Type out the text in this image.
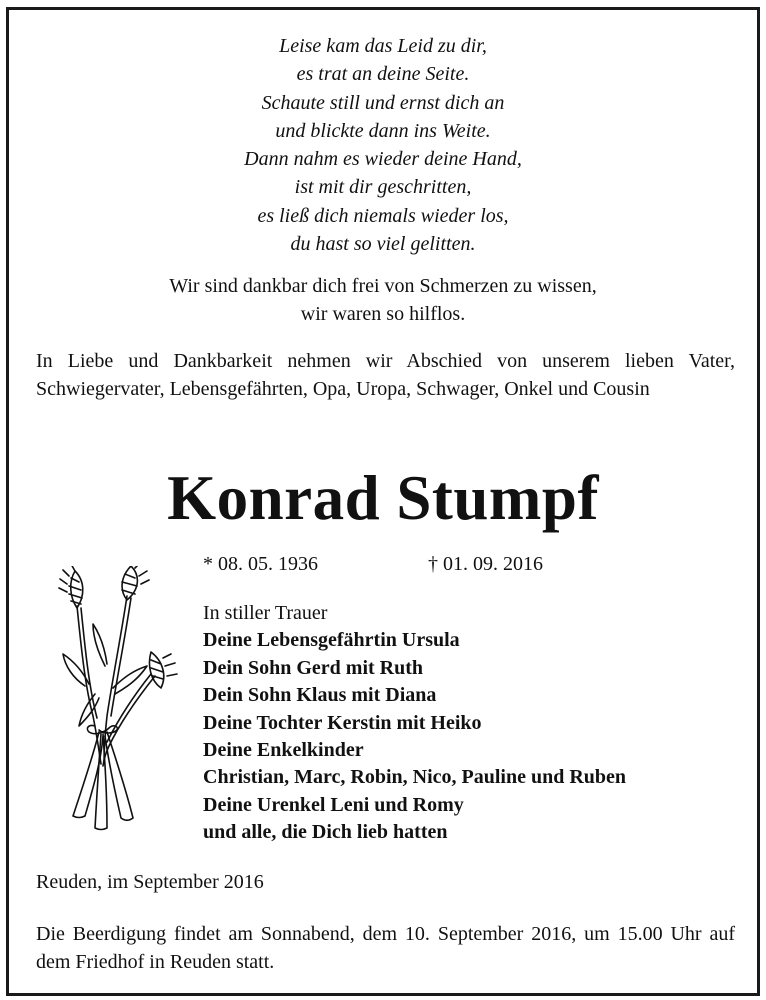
Leise kam das Leid zu dir,
es trat an deine Seite.
Schaute still und ernst dich an
und blickte dann ins Weite.
Dann nahm es wieder deine Hand,
ist mit dir geschritten,
es ließ dich niemals wieder los,
du hast so viel gelitten.
Wir sind dankbar dich frei von Schmerzen zu wissen,
wir waren so hilflos.
In Liebe und Dankbarkeit nehmen wir Abschied von unserem lieben Vater, Schwiegervater, Lebensgefährten, Opa, Uropa, Schwager, Onkel und Cousin
Konrad Stumpf
* 08. 05. 1936	† 01. 09. 2016
In stiller Trauer
Deine Lebensgefährtin Ursula
Dein Sohn Gerd mit Ruth
Dein Sohn Klaus mit Diana
Deine Tochter Kerstin mit Heiko
Deine Enkelkinder
Christian, Marc, Robin, Nico, Pauline und Ruben
Deine Urenkel Leni und Romy
und alle, die Dich lieb hatten
Reuden, im September 2016
Die Beerdigung findet am Sonnabend, dem 10. September 2016, um 15.00 Uhr auf dem Friedhof in Reuden statt.
